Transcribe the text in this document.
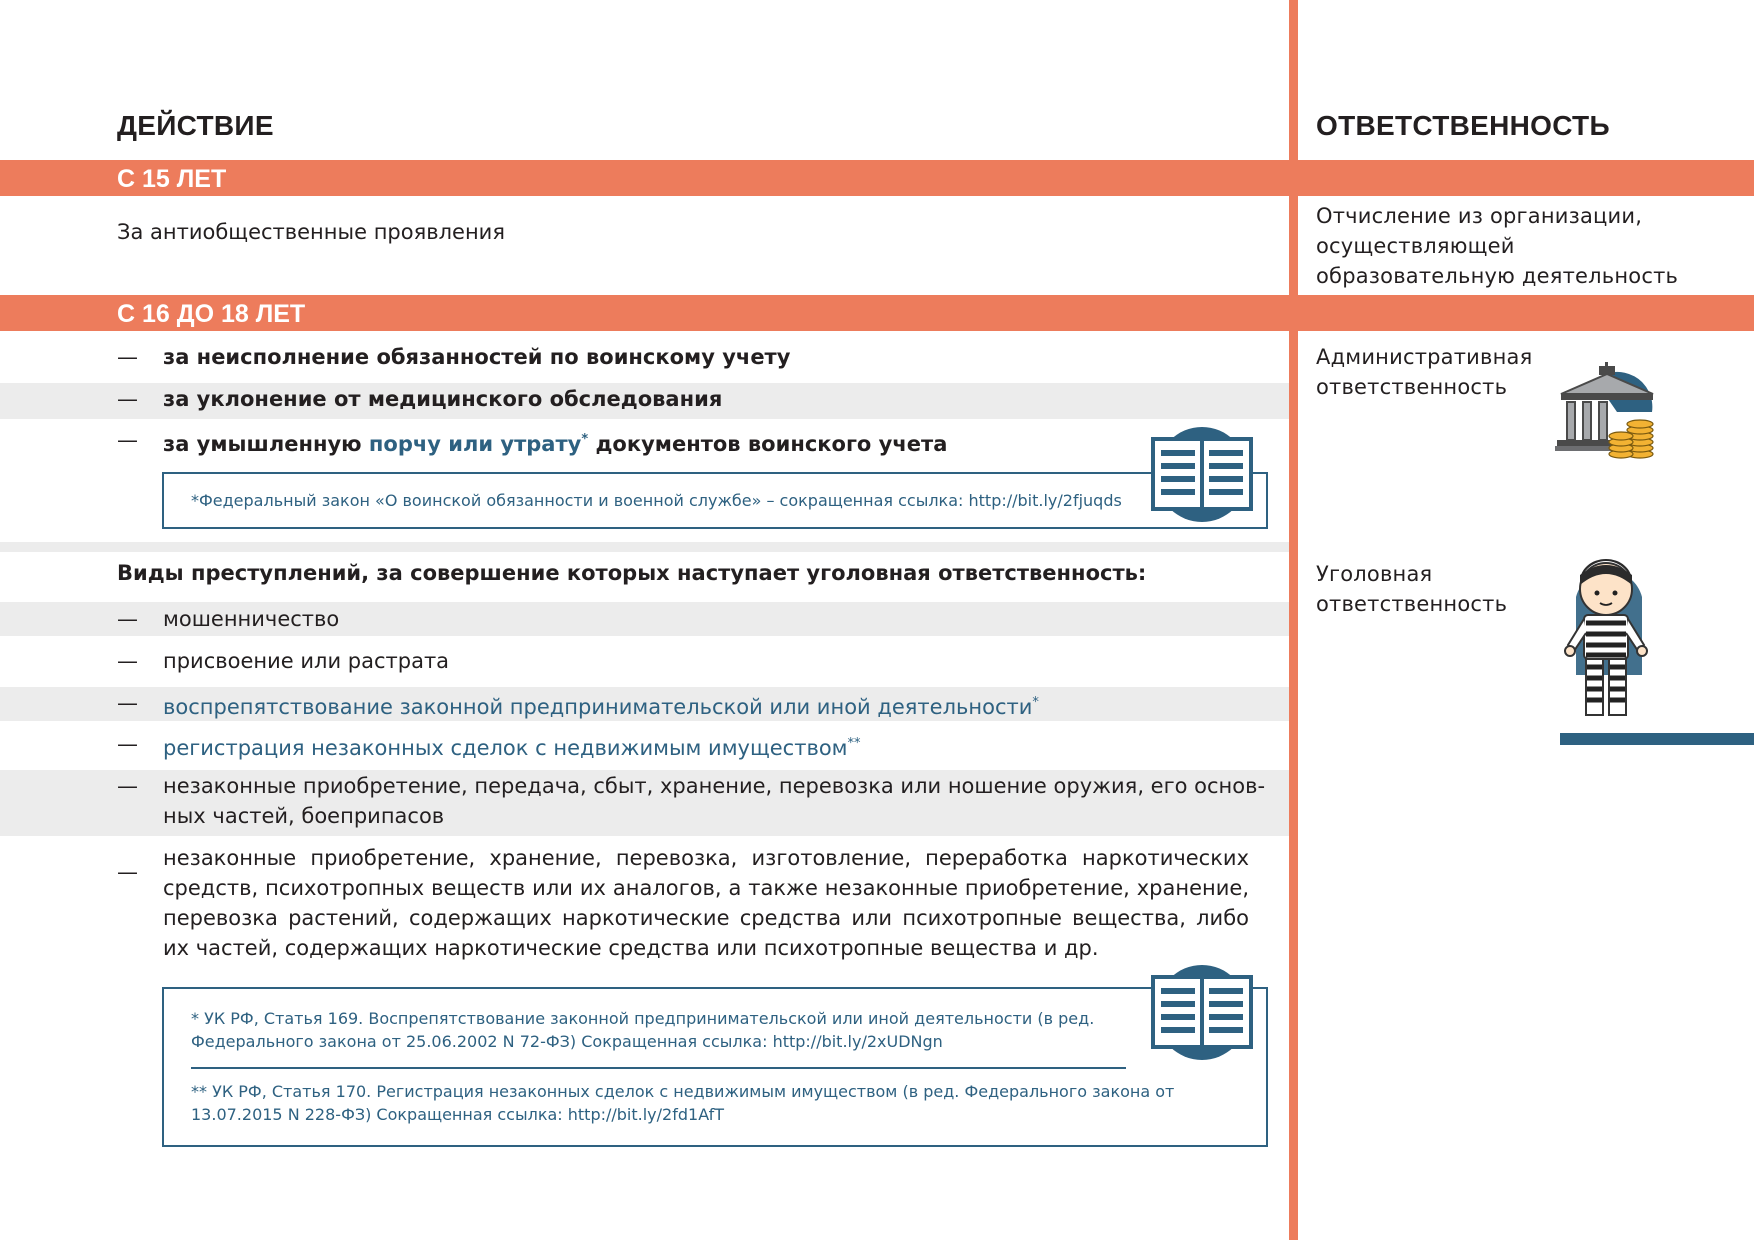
ДЕЙСТВИЕ	ОТВЕТСТВЕННОСТЬ
С 15 ЛЕТ
За антиобщественные проявления
Отчисление из организации,
осуществляющей
образовательную деятельность
С 16 ДО 18 ЛЕТ
— за неисполнение обязанностей по воинскому учету
— за уклонение от медицинского обследования
— за умышленную порчу или утрату* документов воинского учета
Административная
ответственность
*Федеральный закон «О воинской обязанности и военной службе» – сокращенная ссылка: http://bit.ly/2fjuqds
Виды преступлений, за совершение которых наступает уголовная ответственность:
— мошенничество
— присвоение или растрата
— воспрепятствование законной предпринимательской или иной деятельности*
— регистрация незаконных сделок с недвижимым имуществом**
— незаконные приобретение, передача, сбыт, хранение, перевозка или ношение оружия, его основ-
ных частей, боеприпасов
—
незаконные приобретение, хранение, перевозка, изготовление, переработка наркотических средств, психотропных веществ или их аналогов, а также незаконные приобретение, хранение, перевозка растений, содержащих наркотические средства или психотропные вещества, либо их частей, содержащих наркотические средства или психотропные вещества и др.
Уголовная
ответственность
* УК РФ, Статья 169. Воспрепятствование законной предпринимательской или иной деятельности (в ред.
Федерального закона от 25.06.2002 N 72-ФЗ) Сокращенная ссылка: http://bit.ly/2xUDNgn
** УК РФ, Статья 170. Регистрация незаконных сделок с недвижимым имуществом (в ред. Федерального закона от
13.07.2015 N 228-ФЗ) Сокращенная ссылка: http://bit.ly/2fd1AfT
